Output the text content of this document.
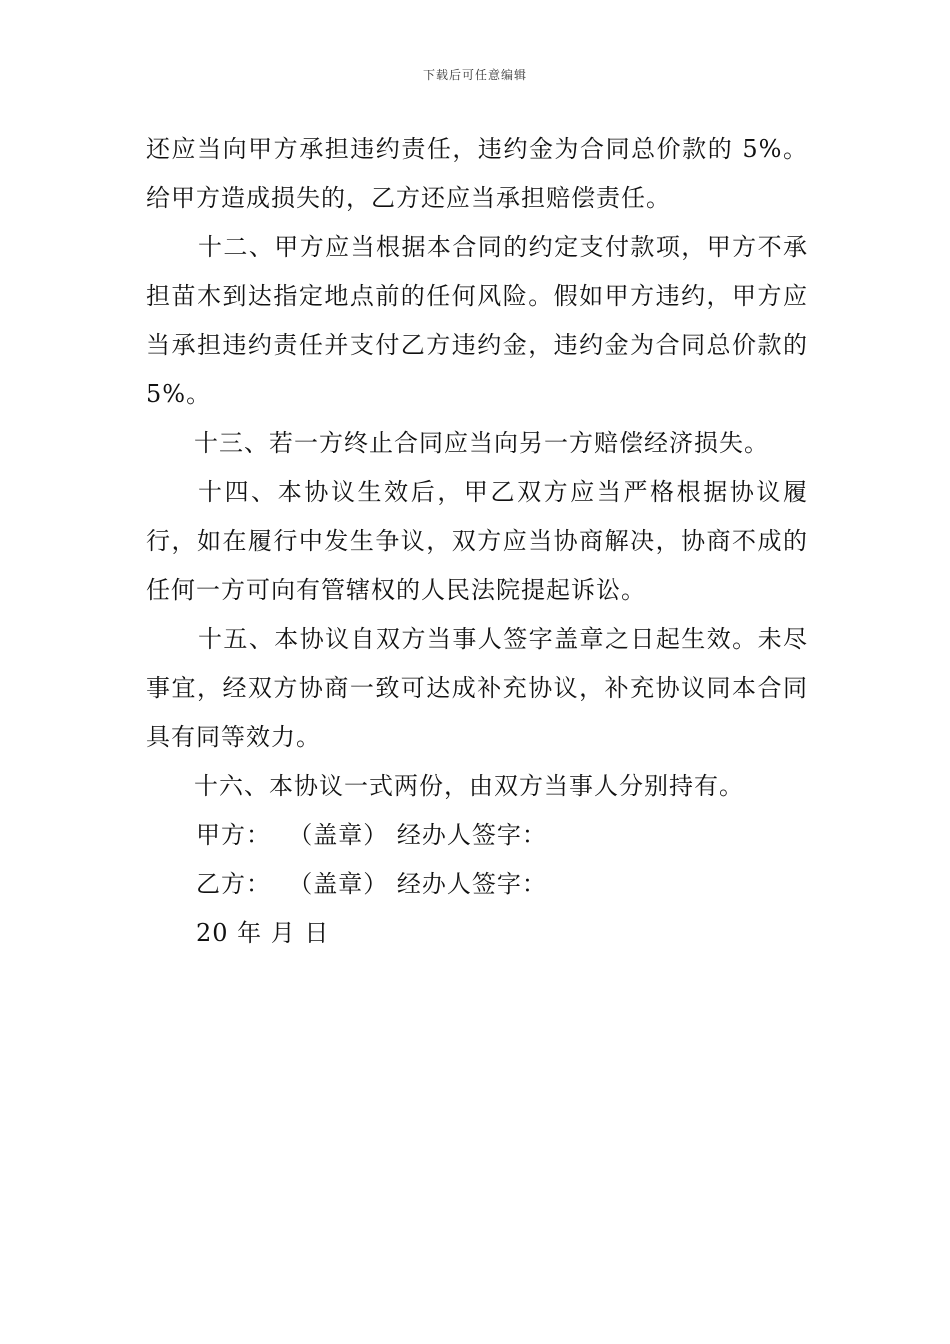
下载后可任意编辑

还应当向甲方承担违约责任，违约金为合同总价款的 5%。给甲方造成损失的，乙方还应当承担赔偿责任。

十二、甲方应当根据本合同的约定支付款项，甲方不承担苗木到达指定地点前的任何风险。假如甲方违约，甲方应当承担违约责任并支付乙方违约金，违约金为合同总价款的 5%。

十三、若一方终止合同应当向另一方赔偿经济损失。

十四、本协议生效后，甲乙双方应当严格根据协议履行，如在履行中发生争议，双方应当协商解决，协商不成的任何一方可向有管辖权的人民法院提起诉讼。

十五、本协议自双方当事人签字盖章之日起生效。未尽事宜，经双方协商一致可达成补充协议，补充协议同本合同具有同等效力。

十六、本协议一式两份，由双方当事人分别持有。

甲方：  （盖章） 经办人签字：

乙方：  （盖章） 经办人签字：

20 年 月 日
